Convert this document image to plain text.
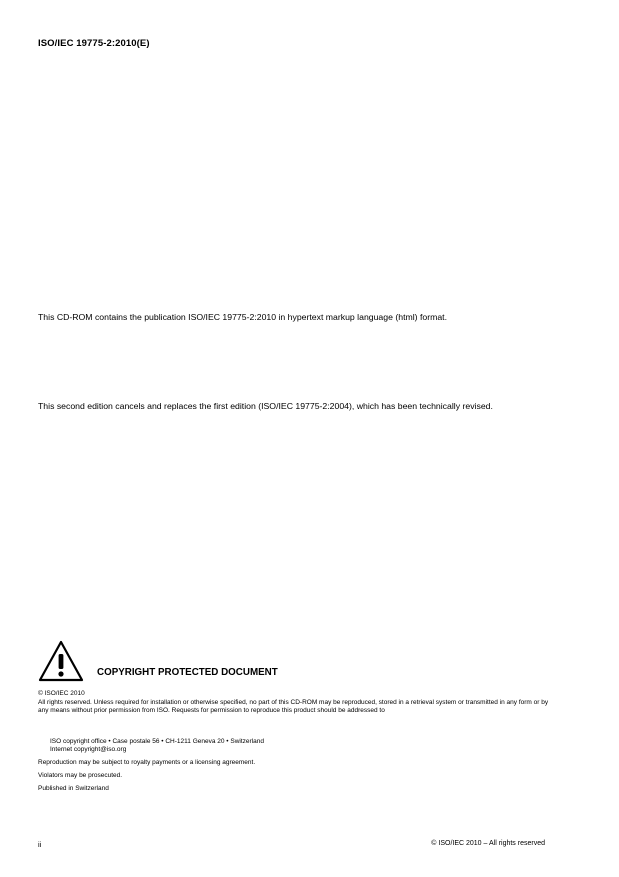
ISO/IEC 19775-2:2010(E)
This CD-ROM contains the publication ISO/IEC 19775-2:2010 in hypertext markup language (html) format.
This second edition cancels and replaces the first edition (ISO/IEC 19775-2:2004), which has been technically revised.
COPYRIGHT PROTECTED DOCUMENT
© ISO/IEC 2010
All rights reserved. Unless required for installation or otherwise specified, no part of this CD-ROM may be reproduced, stored in a retrieval system or transmitted in any form or by any means without prior permission from ISO. Requests for permission to reproduce this product should be addressed to
ISO copyright office • Case postale 56 • CH-1211 Geneva 20 • Switzerland
Internet copyright@iso.org
Reproduction may be subject to royalty payments or a licensing agreement.
Violators may be prosecuted.
Published in Switzerland
ii	© ISO/IEC 2010 – All rights reserved
